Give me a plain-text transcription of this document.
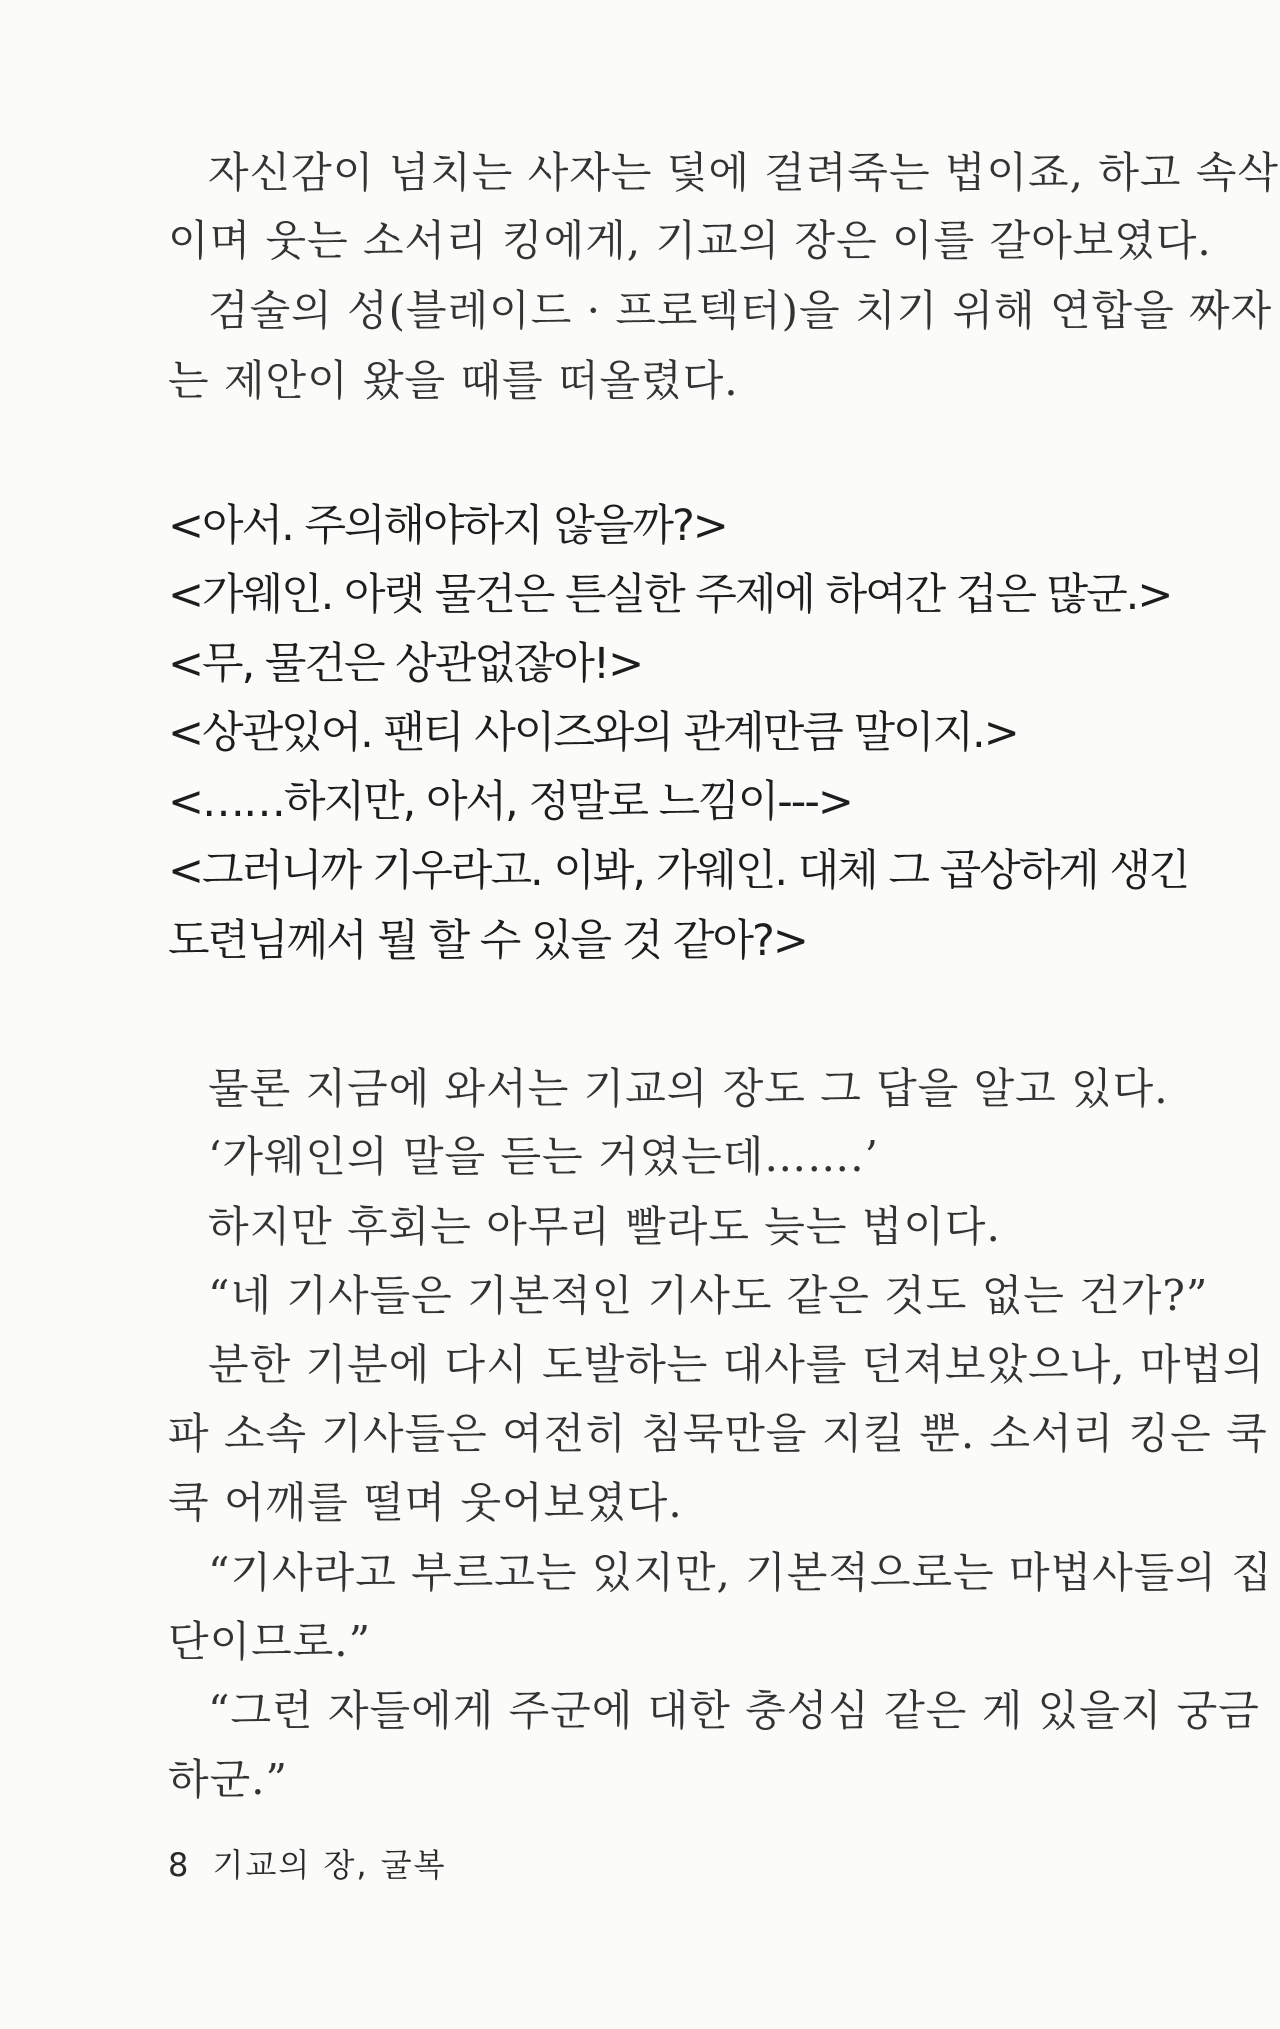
자신감이 넘치는 사자는 덫에 걸려죽는 법이죠, 하고 속삭
이며 웃는 소서리 킹에게, 기교의 장은 이를 갈아보였다.
검술의 성(블레이드 · 프로텍터)을 치기 위해 연합을 짜자
는 제안이 왔을 때를 떠올렸다.
<아서. 주의해야하지 않을까?>
<가웨인. 아랫 물건은 튼실한 주제에 하여간 겁은 많군.>
<무, 물건은 상관없잖아!>
<상관있어. 팬티 사이즈와의 관계만큼 말이지.>
<……하지만, 아서, 정말로 느낌이--->
<그러니까 기우라고. 이봐, 가웨인. 대체 그 곱상하게 생긴
도련님께서 뭘 할 수 있을 것 같아?>
물론 지금에 와서는 기교의 장도 그 답을 알고 있다.
‘가웨인의 말을 듣는 거였는데…….’
하지만 후회는 아무리 빨라도 늦는 법이다.
“네 기사들은 기본적인 기사도 같은 것도 없는 건가?”
분한 기분에 다시 도발하는 대사를 던져보았으나, 마법의
파 소속 기사들은 여전히 침묵만을 지킬 뿐. 소서리 킹은 쿡
쿡 어깨를 떨며 웃어보였다.
“기사라고 부르고는 있지만, 기본적으로는 마법사들의 집
단이므로.”
“그런 자들에게 주군에 대한 충성심 같은 게 있을지 궁금
하군.”
8 기교의 장, 굴복
